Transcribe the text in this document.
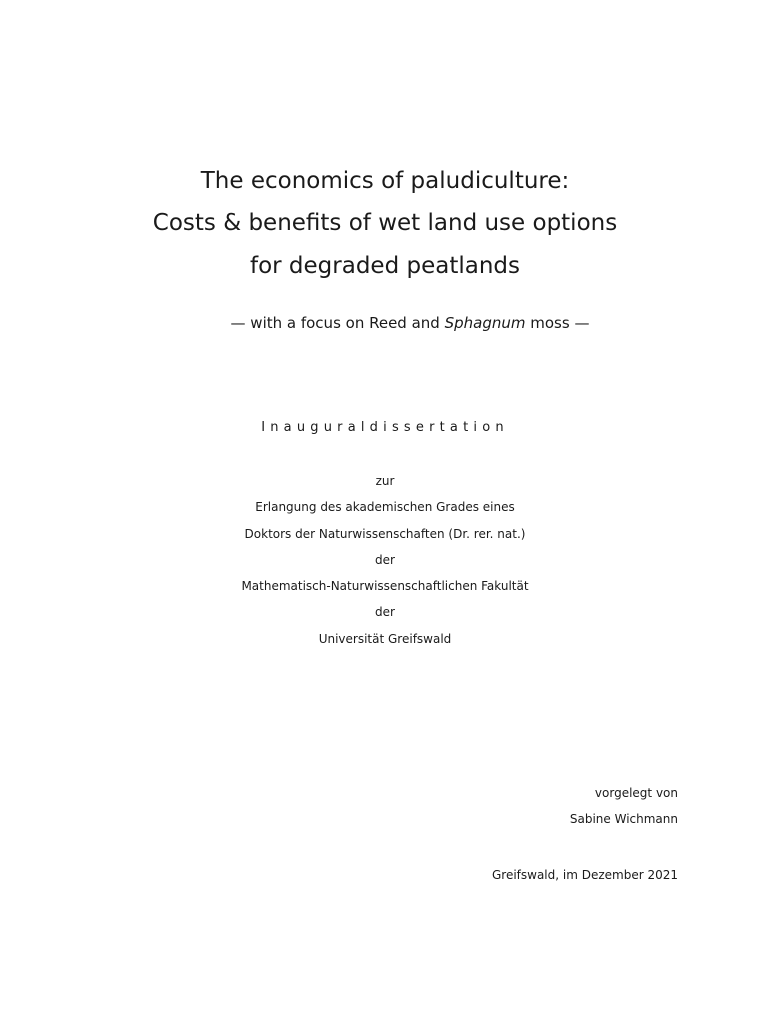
The economics of paludiculture:
Costs & benefits of wet land use options
for degraded peatlands
— with a focus on Reed and Sphagnum moss —
Inauguraldissertation
zur
Erlangung des akademischen Grades eines
Doktors der Naturwissenschaften (Dr. rer. nat.)
der
Mathematisch-Naturwissenschaftlichen Fakultät
der
Universität Greifswald
vorgelegt von
Sabine Wichmann
Greifswald, im Dezember 2021
